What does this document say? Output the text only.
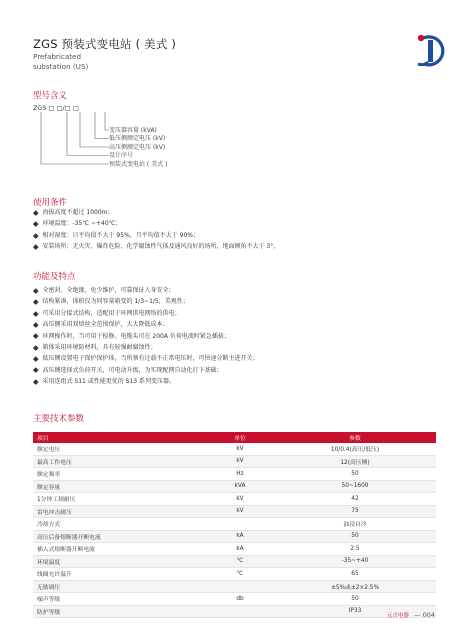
ZGS 预装式变电站 ( 美式 )
Prefabricated
substation (US)
型号含义
ZGS □ □/□ □
变压器容量 (kVA)
低压侧额定电压 (kV)
高压侧额定电压 (kV)
设计序号
预装式变电站 ( 美式 )
使用条件
海拔高度不超过 1000m；
环境温度：-35℃ ~+40℃；
相对湿度：日平均值不大于 95%，月平均值不大于 90%；
安装场所：无火灾、爆炸危险、化学腐蚀性气体及通风良好的场所，地面倾角不大于 3°。
功能及特点
全密封、全绝缘，免少维护，可靠保证人身安全；
结构紧凑，体积仅为同容量箱变的 1/3~1/5，美观性；
可采用分接式结构，适配用于环网供电网络的供电；
高压侧采用双熔丝全范围保护，大大降低成本；
环网操作时，当可用于检修。电缆头可在 200A 负荷电流时紧急插拔；
箱体采用环境防材料，具有较强耐腐蚀性；
低压侧设置电子保护保护体，当所须有过载不正常电压时，可快速分断主进开关；
高压侧选择式负荷开关，可电动升级，为实现配网自动化打下基础；
采用连组式 S11 或性能更优的 S13 系列变压器。
主要技术参数
项目	单位	参数
额定电压	kV	10/0.4(高压/低压)
最高工作电压	kV	12(高压侧)
额定频率	Hz	50
额定容量	kVA	50~1600
1分钟工频耐压	kV	42
雷电冲击耐压	kV	75
冷却方式		油浸自冷
高压后备熔断器开断电流	kA	50
插入式熔断器开断电流	kA	2.5
环境温度	℃	-35~+40
线圈允许温升	℃	65
无励调压		±5%或±2×2.5%
噪声等级	db	50
防护等级		IP33
元吉电器 — 004
